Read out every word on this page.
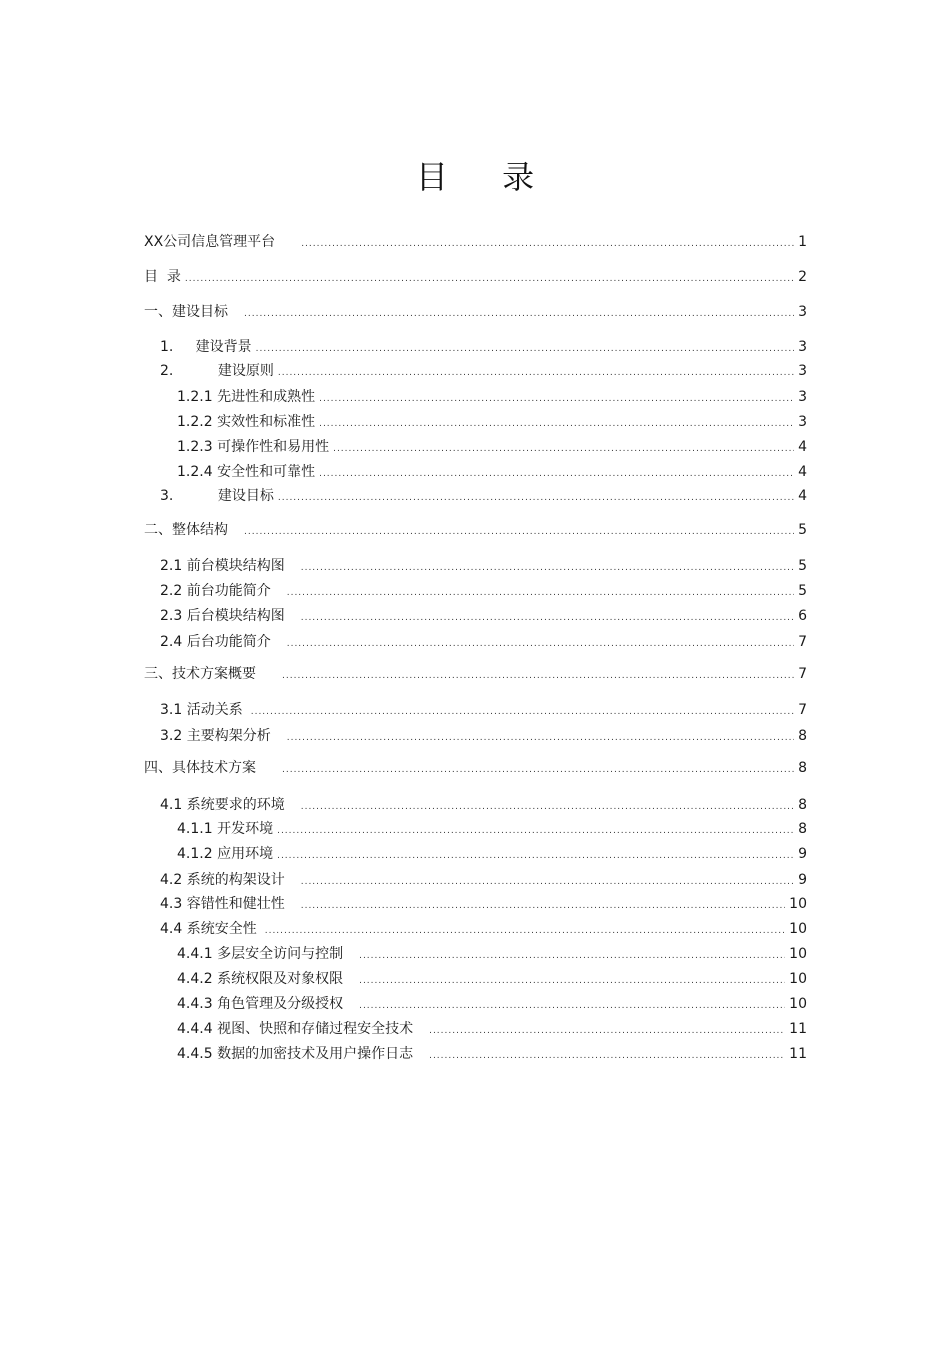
目 录
XX公司信息管理平台 .....	1
目  录 .....	2
一、建设目标 .....	3
1.     建设背景 .....	3
2.          建设原则 .....	3
1.2.1 先进性和成熟性 .....	3
1.2.2 实效性和标准性 .....	3
1.2.3 可操作性和易用性 .....	4
1.2.4 安全性和可靠性 .....	4
3.          建设目标 .....	4
二、整体结构 .....	5
2.1 前台模块结构图 .....	5
2.2 前台功能简介 .....	5
2.3 后台模块结构图 .....	6
2.4 后台功能简介 .....	7
三、技术方案概要 .....	7
3.1 活动关系 .....	7
3.2 主要构架分析 .....	8
四、具体技术方案 .....	8
4.1 系统要求的环境 .....	8
4.1.1 开发环境 .....	8
4.1.2 应用环境 .....	9
4.2 系统的构架设计 .....	9
4.3 容错性和健壮性 .....	10
4.4 系统安全性 .....	10
4.4.1 多层安全访问与控制 .....	10
4.4.2 系统权限及对象权限 .....	10
4.4.3 角色管理及分级授权 .....	10
4.4.4 视图、快照和存储过程安全技术 .....	11
4.4.5 数据的加密技术及用户操作日志 .....	11
